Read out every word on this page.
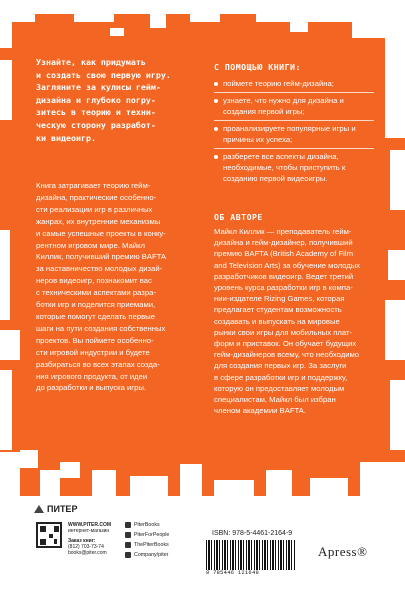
Узнайте, как придумать

и создать свою первую игру.

Загляните за кулисы гейм-

дизайна и глубоко погру-

зитесь в теорию и техни-

ческую сторону разработ-

ки видеоигр.

Книга затрагивает теорию гейм-

дизайна, практические особенно-

сти реализации игр в различных

жанрах, их внутренние механизмы

и самые успешные проекты в конку-

рентном игровом мире. Майкл

Киллик, получивший премию BAFTA

за наставничество молодых дизай-

неров видеоигр, познакомит вас

с техническими аспектами разра-

ботки игр и поделится приемами,

которые помогут сделать первые

шаги на пути создания собственных

проектов. Вы поймете особенно-

сти игровой индустрии и будете

разбираться во всех этапах созда-

ния игрового продукта, от идеи

до разработки и выпуска игры.

С ПОМОЩЬЮ КНИГИ:

поймете теорию гейм-дизайна;
узнаете, что нужно для дизайна и создания первой игры;
проанализируете популярные игры и причины их успеха;
разберете все аспекты дизайна, необходимые, чтобы приступить к созданию первой видеоигры.

ОБ АВТОРЕ

Майкл Киллик — преподаватель гейм-
дизайна и гейм-дизайнер, получивший
премию BAFTA (British Academy of Film
and Television Arts) за обучение молодых
разработчиков видеоигр. Ведет третий
уровень курса разработки игр в компа-
нии-издателе Rizing Games, которая
предлагает студентам возможность
создавать и выпускать на мировые
рынки свои игры для мобильных плат-
форм и приставок. Он обучает будущих
гейм-дизайнеров всему, что необходимо
для создания первых игр. За заслуги
в сфере разработки игр и поддержку,
которую он предоставляет молодым
специалистам, Майкл был избран
членом академии BAFTA.
ПИТЕР
WWW.PITER.COM
интернет-магазин
Заказ книг:
(812) 703-73-74
books@piter.com
PiterBooks
PiterForPeople
ThePiterBooks
Company/piter
ISBN: 978-5-4461-2164-9
9 785446 121649
Apress®
